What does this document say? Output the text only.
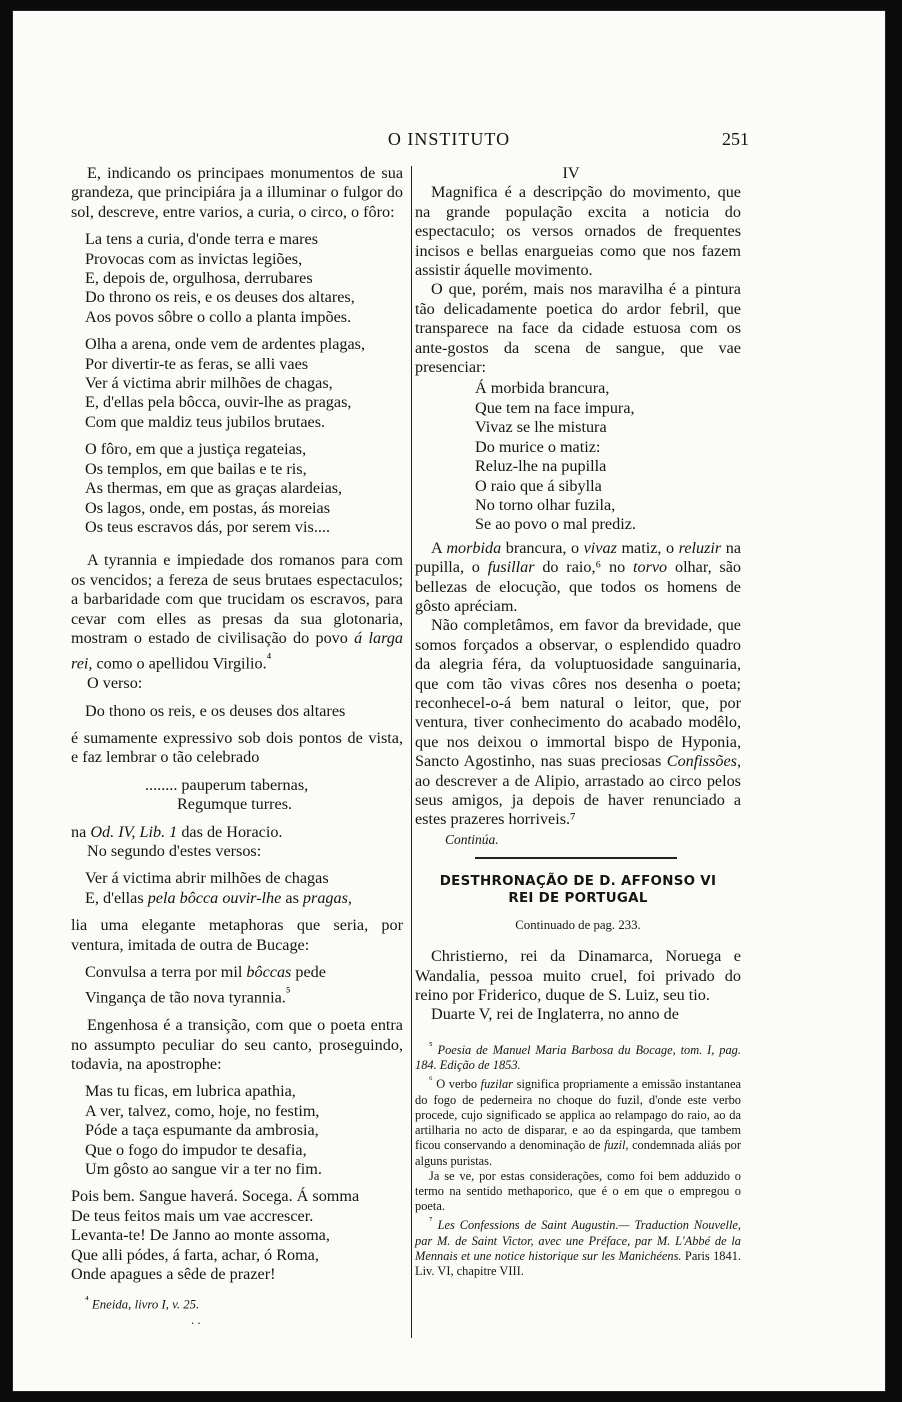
O INSTITUTO	251

E, indicando os principaes monumentos de sua grandeza, que principiára ja a illuminar o fulgor do sol, descreve, entre varios, a curia, o circo, o fôro:

La tens a curia, d'onde terra e mares
Provocas com as invictas legiões,
E, depois de, orgulhosa, derrubares
Do throno os reis, e os deuses dos altares,
Aos povos sôbre o collo a planta impões.
Olha a arena, onde vem de ardentes plagas,
Por divertir-te as feras, se alli vaes
Ver á victima abrir milhões de chagas,
E, d'ellas pela bôcca, ouvir-lhe as pragas,
Com que maldiz teus jubilos brutaes.
O fôro, em que a justiça regateias,
Os templos, em que bailas e te ris,
As thermas, em que as graças alardeias,
Os lagos, onde, em postas, ás moreias
Os teus escravos dás, por serem vis....

A tyrannia e impiedade dos romanos para com os vencidos; a fereza de seus brutaes espectaculos; a barbaridade com que trucidam os escravos, para cevar com elles as presas da sua glotonaria, mostram o estado de civilisação do povo á larga rei, como o apellidou Virgilio.$^{^4}$

O verso:

Do thono os reis, e os deuses dos altares

é sumamente expressivo sob dois pontos de vista, e faz lembrar o tão celebrado

........ pauperum tabernas,
Regumque turres.

na Od. IV, Lib. 1 das de Horacio.

No segundo d'estes versos:

Ver á victima abrir milhões de chagas
E, d'ellas pela bôcca ouvir-lhe as pragas,

lia uma elegante metaphoras que seria, por ventura, imitada de outra de Bucage:

Convulsa a terra por mil bôccas pede
Vingança de tão nova tyrannia.$^{^5}$

Engenhosa é a transição, com que o poeta entra no assumpto peculiar do seu canto, proseguindo, todavia, na apostrophe:

Mas tu ficas, em lubrica apathia,
A ver, talvez, como, hoje, no festim,
Póde a taça espumante da ambrosia,
Que o fogo do impudor te desafia,
Um gôsto ao sangue vir a ter no fim.
Pois bem. Sangue haverá. Socega. Á somma
De teus feitos mais um vae accrescer.
Levanta-te! De Janno ao monte assoma,
Que alli pódes, á farta, achar, ó Roma,
Onde apagues a sêde de prazer!
$^{^4}$ Eneida, livro I, v. 25.
. .
IV

Magnifica é a descripção do movimento, que na grande população excita a noticia do espectaculo; os versos ornados de frequentes incisos e bellas enargueias como que nos fazem assistir áquelle movimento.

O que, porém, mais nos maravilha é a pintura tão delicadamente poetica do ardor febril, que transparece na face da cidade estuosa com os ante-gostos da scena de sangue, que vae presenciar:

Á morbida brancura,
Que tem na face impura,
Vivaz se lhe mistura
Do murice o matiz:
Reluz-lhe na pupilla
O raio que á sibylla
No torno olhar fuzila,
Se ao povo o mal prediz.

A morbida brancura, o vivaz matiz, o reluzir na pupilla, o fusillar do raio,⁶ no torvo olhar, são bellezas de elocução, que todos os homens de gôsto apréciam.

Não completâmos, em favor da brevidade, que somos forçados a observar, o esplendido quadro da alegria féra, da voluptuosidade sanguinaria, que com tão vivas côres nos desenha o poeta; reconhecel-o-á bem natural o leitor, que, por ventura, tiver conhecimento do acabado modêlo, que nos deixou o immortal bispo de Hyponia, Sancto Agostinho, nas suas preciosas Confissões, ao descrever a de Alipio, arrastado ao circo pelos seus amigos, ja depois de haver renunciado a estes prazeres horriveis.⁷

Continúa.
DESTHRONAÇÃO DE D. AFFONSO VI
REI DE PORTUGAL
Continuado de pag. 233.

Christierno, rei da Dinamarca, Noruega e Wandalia, pessoa muito cruel, foi privado do reino por Friderico, duque de S. Luiz, seu tio.

Duarte V, rei de Inglaterra, no anno de

$^{^5}$ Poesia de Manuel Maria Barbosa du Bocage, tom. I, pag. 184. Edição de 1853.
$^{^6}$ O verbo fuzilar significa propriamente a emissão instantanea do fogo de pederneira no choque do fuzil, d'onde este verbo procede, cujo significado se applica ao relampago do raio, ao da artilharia no acto de disparar, e ao da espingarda, que tambem ficou conservando a denominação de fuzil, condemnada aliás por alguns puristas.
Ja se ve, por estas considerações, como foi bem adduzido o termo na sentido methaporico, que é o em que o empregou o poeta.
$^{^7}$ Les Confessions de Saint Augustin.— Traduction Nouvelle, par M. de Saint Victor, avec une Préface, par M. L'Abbé de la Mennais et une notice historique sur les Manichéens. Paris 1841. Liv. VI, chapitre VIII.
